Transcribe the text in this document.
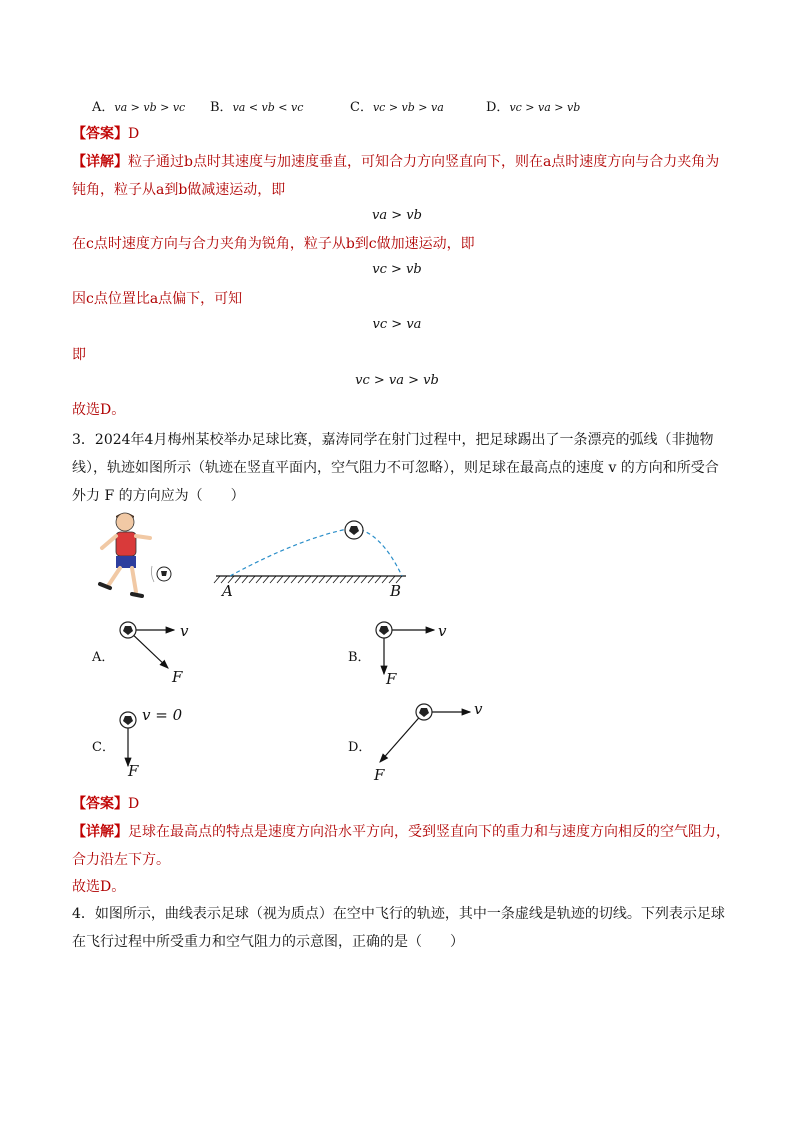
A．va > vb > vc B．va < vb < vc	C．vc > vb > va	D．vc > va > vb
【答案】D
【详解】粒子通过b点时其速度与加速度垂直，可知合力方向竖直向下，则在a点时速度方向与合力夹角为
钝角，粒子从a到b做减速运动，即
va > vb
在c点时速度方向与合力夹角为锐角，粒子从b到c做加速运动，即
vc > vb
因c点位置比a点偏下，可知
vc > va
即
vc > va > vb
故选D。
3．2024年4月梅州某校举办足球比赛，嘉涛同学在射门过程中，把足球踢出了一条漂亮的弧线（非抛物
线），轨迹如图所示（轨迹在竖直平面内，空气阻力不可忽略），则足球在最高点的速度 v 的方向和所受合
外力 F 的方向应为（　　）
A	B
A．
v
F
B．
v
F
C．
v = 0
F
D．
v
F
【答案】D
【详解】足球在最高点的特点是速度方向沿水平方向，受到竖直向下的重力和与速度方向相反的空气阻力，
合力沿左下方。
故选D。
4．如图所示，曲线表示足球（视为质点）在空中飞行的轨迹，其中一条虚线是轨迹的切线。下列表示足球
在飞行过程中所受重力和空气阻力的示意图，正确的是（　　）
